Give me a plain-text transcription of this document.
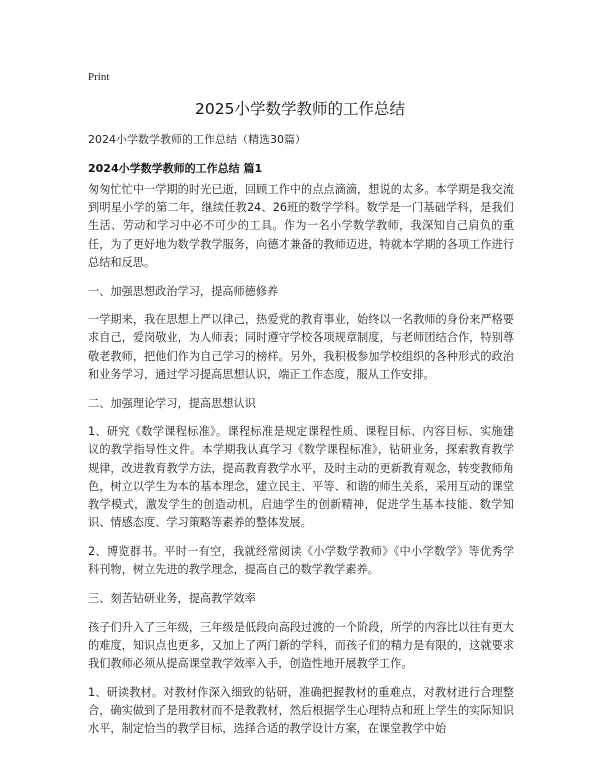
Print
2025小学数学教师的工作总结
2024小学数学教师的工作总结（精选30篇）
2024小学数学教师的工作总结 篇1

匆匆忙忙中一学期的时光已逝，回顾工作中的点点滴滴，想说的太多。本学期是我交流到明星小学的第二年，继续任教24、26班的数学学科。数学是一门基础学科，是我们生活、劳动和学习中必不可少的工具。作为一名小学数学教师，我深知自己肩负的重任，为了更好地为数学教学服务，向德才兼备的教师迈进，特就本学期的各项工作进行总结和反思。

一、加强思想政治学习，提高师德修养

一学期来，我在思想上严以律己，热爱党的教育事业，始终以一名教师的身份来严格要求自己，爱岗敬业，为人师表；同时遵守学校各项规章制度，与老师团结合作，特别尊敬老教师，把他们作为自己学习的榜样。另外，我积极参加学校组织的各种形式的政治和业务学习，通过学习提高思想认识，端正工作态度，服从工作安排。

二、加强理论学习，提高思想认识

1、研究《数学课程标准》。课程标准是规定课程性质、课程目标、内容目标、实施建议的教学指导性文件。本学期我认真学习《数学课程标准》，钻研业务，探索教育教学规律，改进教育教学方法，提高教育教学水平，及时主动的更新教育观念，转变教师角色，树立以学生为本的基本理念，建立民主、平等、和谐的师生关系，采用互动的课堂教学模式，激发学生的创造动机，启迪学生的创新精神，促进学生基本技能、数学知识、情感态度、学习策略等素养的整体发展。

2、博览群书。平时一有空，我就经常阅读《小学数学教师》《中小学数学》等优秀学科刊物，树立先进的教学理念，提高自己的数学教学素养。

三、刻苦钻研业务，提高教学效率

孩子们升入了三年级，三年级是低段向高段过渡的一个阶段，所学的内容比以往有更大的难度，知识点也更多，又加上了两门新的学科，而孩子们的精力是有限的，这就要求我们教师必须从提高课堂教学效率入手，创造性地开展教学工作。

1、研读教材。对教材作深入细致的钻研，准确把握教材的重难点，对教材进行合理整合，确实做到了是用教材而不是教教材，然后根据学生心理特点和班上学生的实际知识水平，制定恰当的教学目标，选择合适的教学设计方案，在课堂教学中始
